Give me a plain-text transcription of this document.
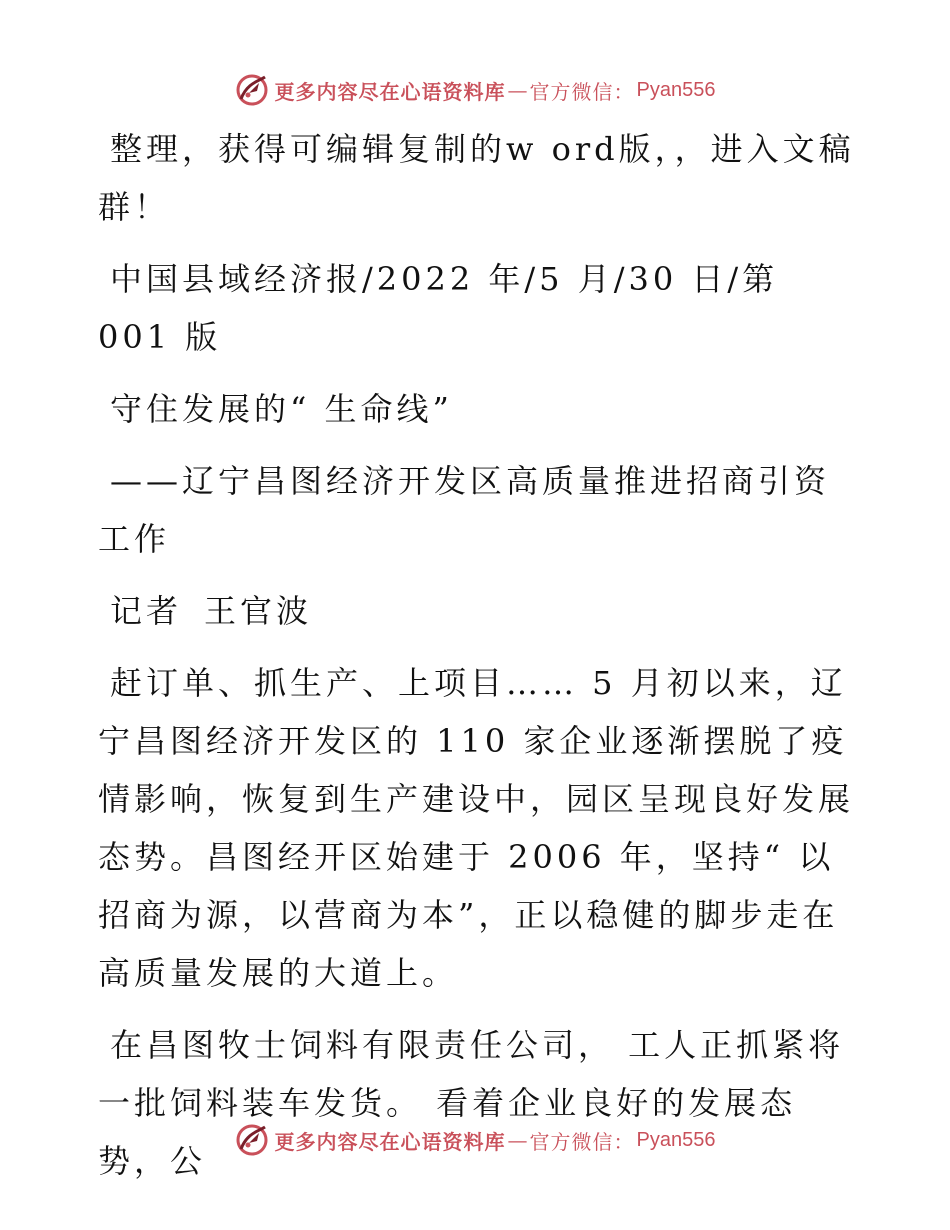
更多内容尽在心语资料库 — 官方微信： Pyan556

整理，获得可编辑复制的w ord版，，进入文稿群！

中国县域经济报/2022 年/5 月/30 日/第 001 版

守住发展的“ 生命线”

——辽宁昌图经济开发区高质量推进招商引资工作

记者 王官波

赶订单、抓生产、上项目…… 5 月初以来，辽宁昌图经济开发区的 110 家企业逐渐摆脱了疫情影响，恢复到生产建设中，园区呈现良好发展态势。昌图经开区始建于 2006 年，坚持“ 以招商为源，以营商为本”，正以稳健的脚步走在高质量发展的大道上。

在昌图牧士饲料有限责任公司， 工人正抓紧将一批饲料装车发货。 看着企业良好的发展态势，公

更多内容尽在心语资料库 — 官方微信： Pyan556
